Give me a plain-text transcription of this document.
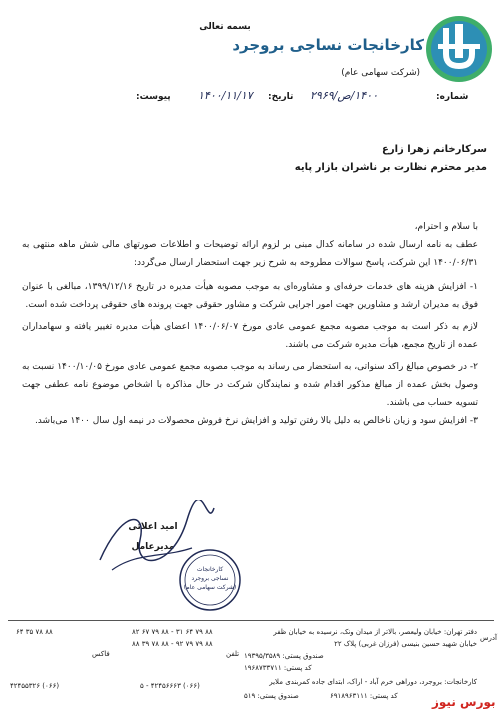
بسمه تعالی
کارخانجات نساجی بروجرد
(شرکت سهامی عام)
شماره:
۱۴۰۰/ص/۲۹۶۹
تاریخ:
۱۴۰۰/۱۱/۱۷
پیوست:
سرکارخانم زهرا زارع
مدیر محترم نظارت بر ناشران بازار پایه

با سلام و احترام،

عطف به نامه ارسال شده در سامانه کدال مبنی بر لزوم ارائه توضیحات و اطلاعات صورتهای مالی شش ماهه منتهی به ۱۴۰۰/۰۶/۳۱ این شرکت، پاسخ سوالات مطروحه به شرح زیر جهت استحضار ارسال می‌گردد:

۱- افزایش هزینه های خدمات حرفه‌ای و مشاوره‌ای به موجب مصوبه هیأت مدیره در تاریخ ۱۳۹۹/۱۲/۱۶، مبالغی با عنوان فوق به مدیران ارشد و مشاورین جهت امور اجرایی شرکت و مشاور حقوقی جهت پرونده های حقوقی پرداخت شده است.

لازم به ذکر است به موجب مصوبه مجمع عمومی عادی مورخ ۱۴۰۰/۰۶/۰۷ اعضای هیأت مدیره تغییر یافته و سهامداران عمده از تاریخ مجمع، هیأت مدیره شرکت می باشند.

۲- در خصوص مبالغ راکد سنواتی، به استحضار می رساند به موجب مصوبه مجمع عمومی عادی مورخ ۱۴۰۰/۱۰/۰۵ نسبت به وصول بخش عمده از مبالغ مذکور اقدام شده و نمایندگان شرکت در حال مذاکره با اشخاص موضوع نامه عطفی جهت تسویه حساب می باشند.

۳- افزایش سود و زیان ناخالص به دلیل بالا رفتن تولید و افزایش نرخ فروش محصولات در نیمه اول سال ۱۴۰۰ می‌باشد.

امید اعلائی
مدیرعامل
کارخانجات
نساجی بروجرد
(شرکت سهامی عام)
آدرس
دفتر تهران: خیابان ولیعصر، بالاتر از میدان ونک، نرسیده به خیابان ظفر
خیابان شهید حسین بنیسی (فرزان غربی) پلاک ۲۲
صندوق پستی: ۱۹۳۹۵/۳۵۸۹
کد پستی: ۱۹۶۸۷۳۳۷۱۱
کارخانجات: بروجرد، دوراهی خرم آباد - اراک، ابتدای جاده کمربندی ملایر
صندوق پستی: ۵۱۹	کد پستی: ۶۹۱۸۹۶۳۱۱۱
تلفن
۸۸ ۷۹ ۶۴ ۳۱ - ۸۸ ۷۹ ۶۷ ۸۲
۸۸ ۷۹ ۷۹ ۹۲ - ۸۸ ۷۸ ۳۹ ۸۸
(۰۶۶) ۴۲۴۵۶۶۶۳ - ۵
فاکس
۸۸ ۷۸ ۳۵ ۶۴
(۰۶۶) ۴۲۴۵۵۳۲۶
بورس نیوز
